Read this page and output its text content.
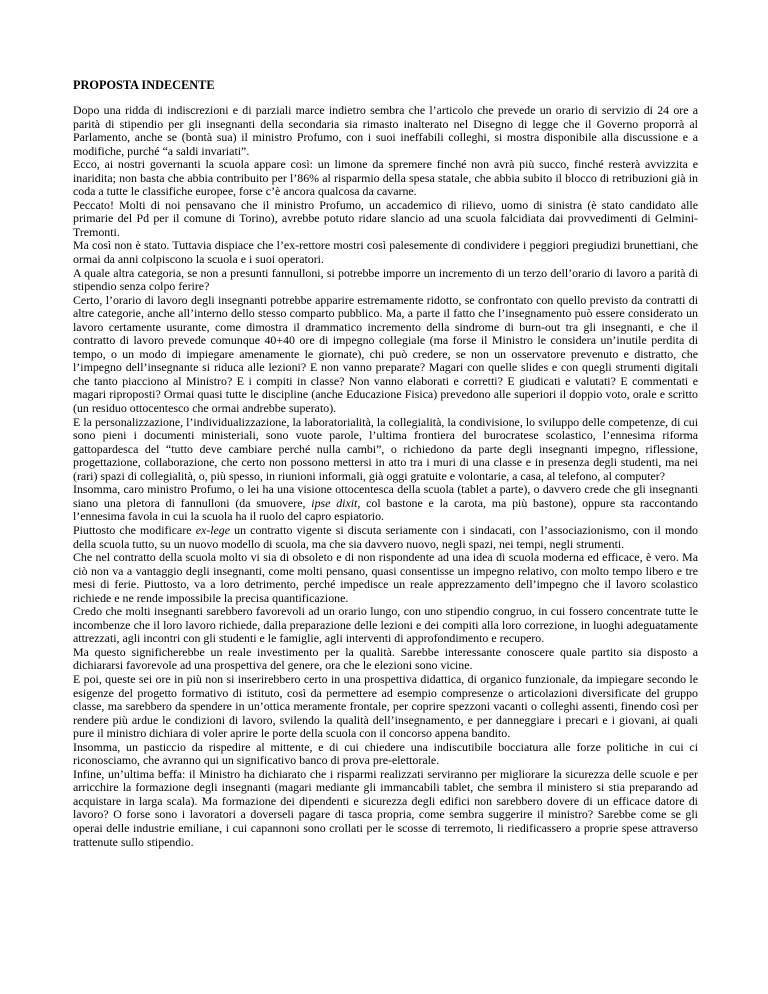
PROPOSTA INDECENTE

Dopo una ridda di indiscrezioni e di parziali marce indietro sembra che l’articolo che prevede un orario di servizio di 24 ore a parità di stipendio per gli insegnanti della secondaria sia rimasto inalterato nel Disegno di legge che il Governo proporrà al Parlamento, anche se (bontà sua) il ministro Profumo, con i suoi ineffabili colleghi, si mostra disponibile alla discussione e a modifiche, purché “a saldi invariati”.

Ecco, ai nostri governanti la scuola appare così: un limone da spremere finché non avrà più succo, finché resterà avvizzita e inaridita; non basta che abbia contribuito per l’86% al risparmio della spesa statale, che abbia subito il blocco di retribuzioni già in coda a tutte le classifiche europee, forse c’è ancora qualcosa da cavarne.

Peccato! Molti di noi pensavano che il ministro Profumo, un accademico di rilievo, uomo di sinistra (è stato candidato alle primarie del Pd per il comune di Torino), avrebbe potuto ridare slancio ad una scuola falcidiata dai provvedimenti di Gelmini-Tremonti.

Ma così non è stato. Tuttavia dispiace che l’ex-rettore mostri così palesemente di condividere i peggiori pregiudizi brunettiani, che ormai da anni colpiscono la scuola e i suoi operatori.

A quale altra categoria, se non a presunti fannulloni, si potrebbe imporre un incremento di un terzo dell’orario di lavoro a parità di stipendio senza colpo ferire?

Certo, l’orario di lavoro degli insegnanti potrebbe apparire estremamente ridotto, se confrontato con quello previsto da contratti di altre categorie, anche all’interno dello stesso comparto pubblico. Ma, a parte il fatto che l’insegnamento può essere considerato un lavoro certamente usurante, come dimostra il drammatico incremento della sindrome di burn-out tra gli insegnanti, e che il contratto di lavoro prevede comunque 40+40 ore di impegno collegiale (ma forse il Ministro le considera un’inutile perdita di tempo, o un modo di impiegare amenamente le giornate), chi può credere, se non un osservatore prevenuto e distratto, che l’impegno dell’insegnante si riduca alle lezioni? E non vanno preparate? Magari con quelle slides e con quegli strumenti digitali che tanto piacciono al Ministro? E i compiti in classe? Non vanno elaborati e corretti? E giudicati e valutati? E commentati e magari riproposti? Ormai quasi tutte le discipline (anche Educazione Fisica) prevedono alle superiori il doppio voto, orale e scritto (un residuo ottocentesco che ormai andrebbe superato).

E la personalizzazione, l’individualizzazione, la laboratorialità, la collegialità, la condivisione, lo sviluppo delle competenze, di cui sono pieni i documenti ministeriali, sono vuote parole, l’ultima frontiera del burocratese scolastico, l’ennesima riforma gattopardesca del “tutto deve cambiare perché nulla cambi”, o richiedono da parte degli insegnanti impegno, riflessione, progettazione, collaborazione, che certo non possono mettersi in atto tra i muri di una classe e in presenza degli studenti, ma nei (rari) spazi di collegialità, o, più spesso, in riunioni informali, già oggi gratuite e volontarie, a casa, al telefono, al computer?

Insomma, caro ministro Profumo, o lei ha una visione ottocentesca della scuola (tablet a parte), o davvero crede che gli insegnanti siano una pletora di fannulloni (da smuovere, ipse dixit, col bastone e la carota, ma più bastone), oppure sta raccontando l’ennesima favola in cui la scuola ha il ruolo del capro espiatorio.

Piuttosto che modificare ex-lege un contratto vigente si discuta seriamente con i sindacati, con l’associazionismo, con il mondo della scuola tutto, su un nuovo modello di scuola, ma che sia davvero nuovo, negli spazi, nei tempi, negli strumenti.

Che nel contratto della scuola molto vi sia di obsoleto e di non rispondente ad una idea di scuola moderna ed efficace, è vero. Ma ciò non va a vantaggio degli insegnanti, come molti pensano, quasi consentisse un impegno relativo, con molto tempo libero e tre mesi di ferie. Piuttosto, va a loro detrimento, perché impedisce un reale apprezzamento dell’impegno che il lavoro scolastico richiede e ne rende impossibile la precisa quantificazione.

Credo che molti insegnanti sarebbero favorevoli ad un orario lungo, con uno stipendio congruo, in cui fossero concentrate tutte le incombenze che il loro lavoro richiede, dalla preparazione delle lezioni e dei compiti alla loro correzione, in luoghi adeguatamente attrezzati, agli incontri con gli studenti e le famiglie, agli interventi di approfondimento e recupero.

Ma questo significherebbe un reale investimento per la qualità. Sarebbe interessante conoscere quale partito sia disposto a dichiararsi favorevole ad una prospettiva del genere, ora che le elezioni sono vicine.

E poi, queste sei ore in più non si inserirebbero certo in una prospettiva didattica, di organico funzionale, da impiegare secondo le esigenze del progetto formativo di istituto, così da permettere ad esempio compresenze o articolazioni diversificate del gruppo classe, ma sarebbero da spendere in un’ottica meramente frontale, per coprire spezzoni vacanti o colleghi assenti, finendo così per rendere più ardue le condizioni di lavoro, svilendo la qualità dell’insegnamento, e per danneggiare i precari e i giovani, ai quali pure il ministro dichiara di voler aprire le porte della scuola con il concorso appena bandito.

Insomma, un pasticcio da rispedire al mittente, e di cui chiedere una indiscutibile bocciatura alle forze politiche in cui ci riconosciamo, che avranno qui un significativo banco di prova pre-elettorale.

Infine, un’ultima beffa: il Ministro ha dichiarato che i risparmi realizzati serviranno per migliorare la sicurezza delle scuole e per arricchire la formazione degli insegnanti (magari mediante gli immancabili tablet, che sembra il ministero si stia preparando ad acquistare in larga scala). Ma formazione dei dipendenti e sicurezza degli edifici non sarebbero dovere di un efficace datore di lavoro? O forse sono i lavoratori a doverseli pagare di tasca propria, come sembra suggerire il ministro? Sarebbe come se gli operai delle industrie emiliane, i cui capannoni sono crollati per le scosse di terremoto, li riedificassero a proprie spese attraverso trattenute sullo stipendio.
